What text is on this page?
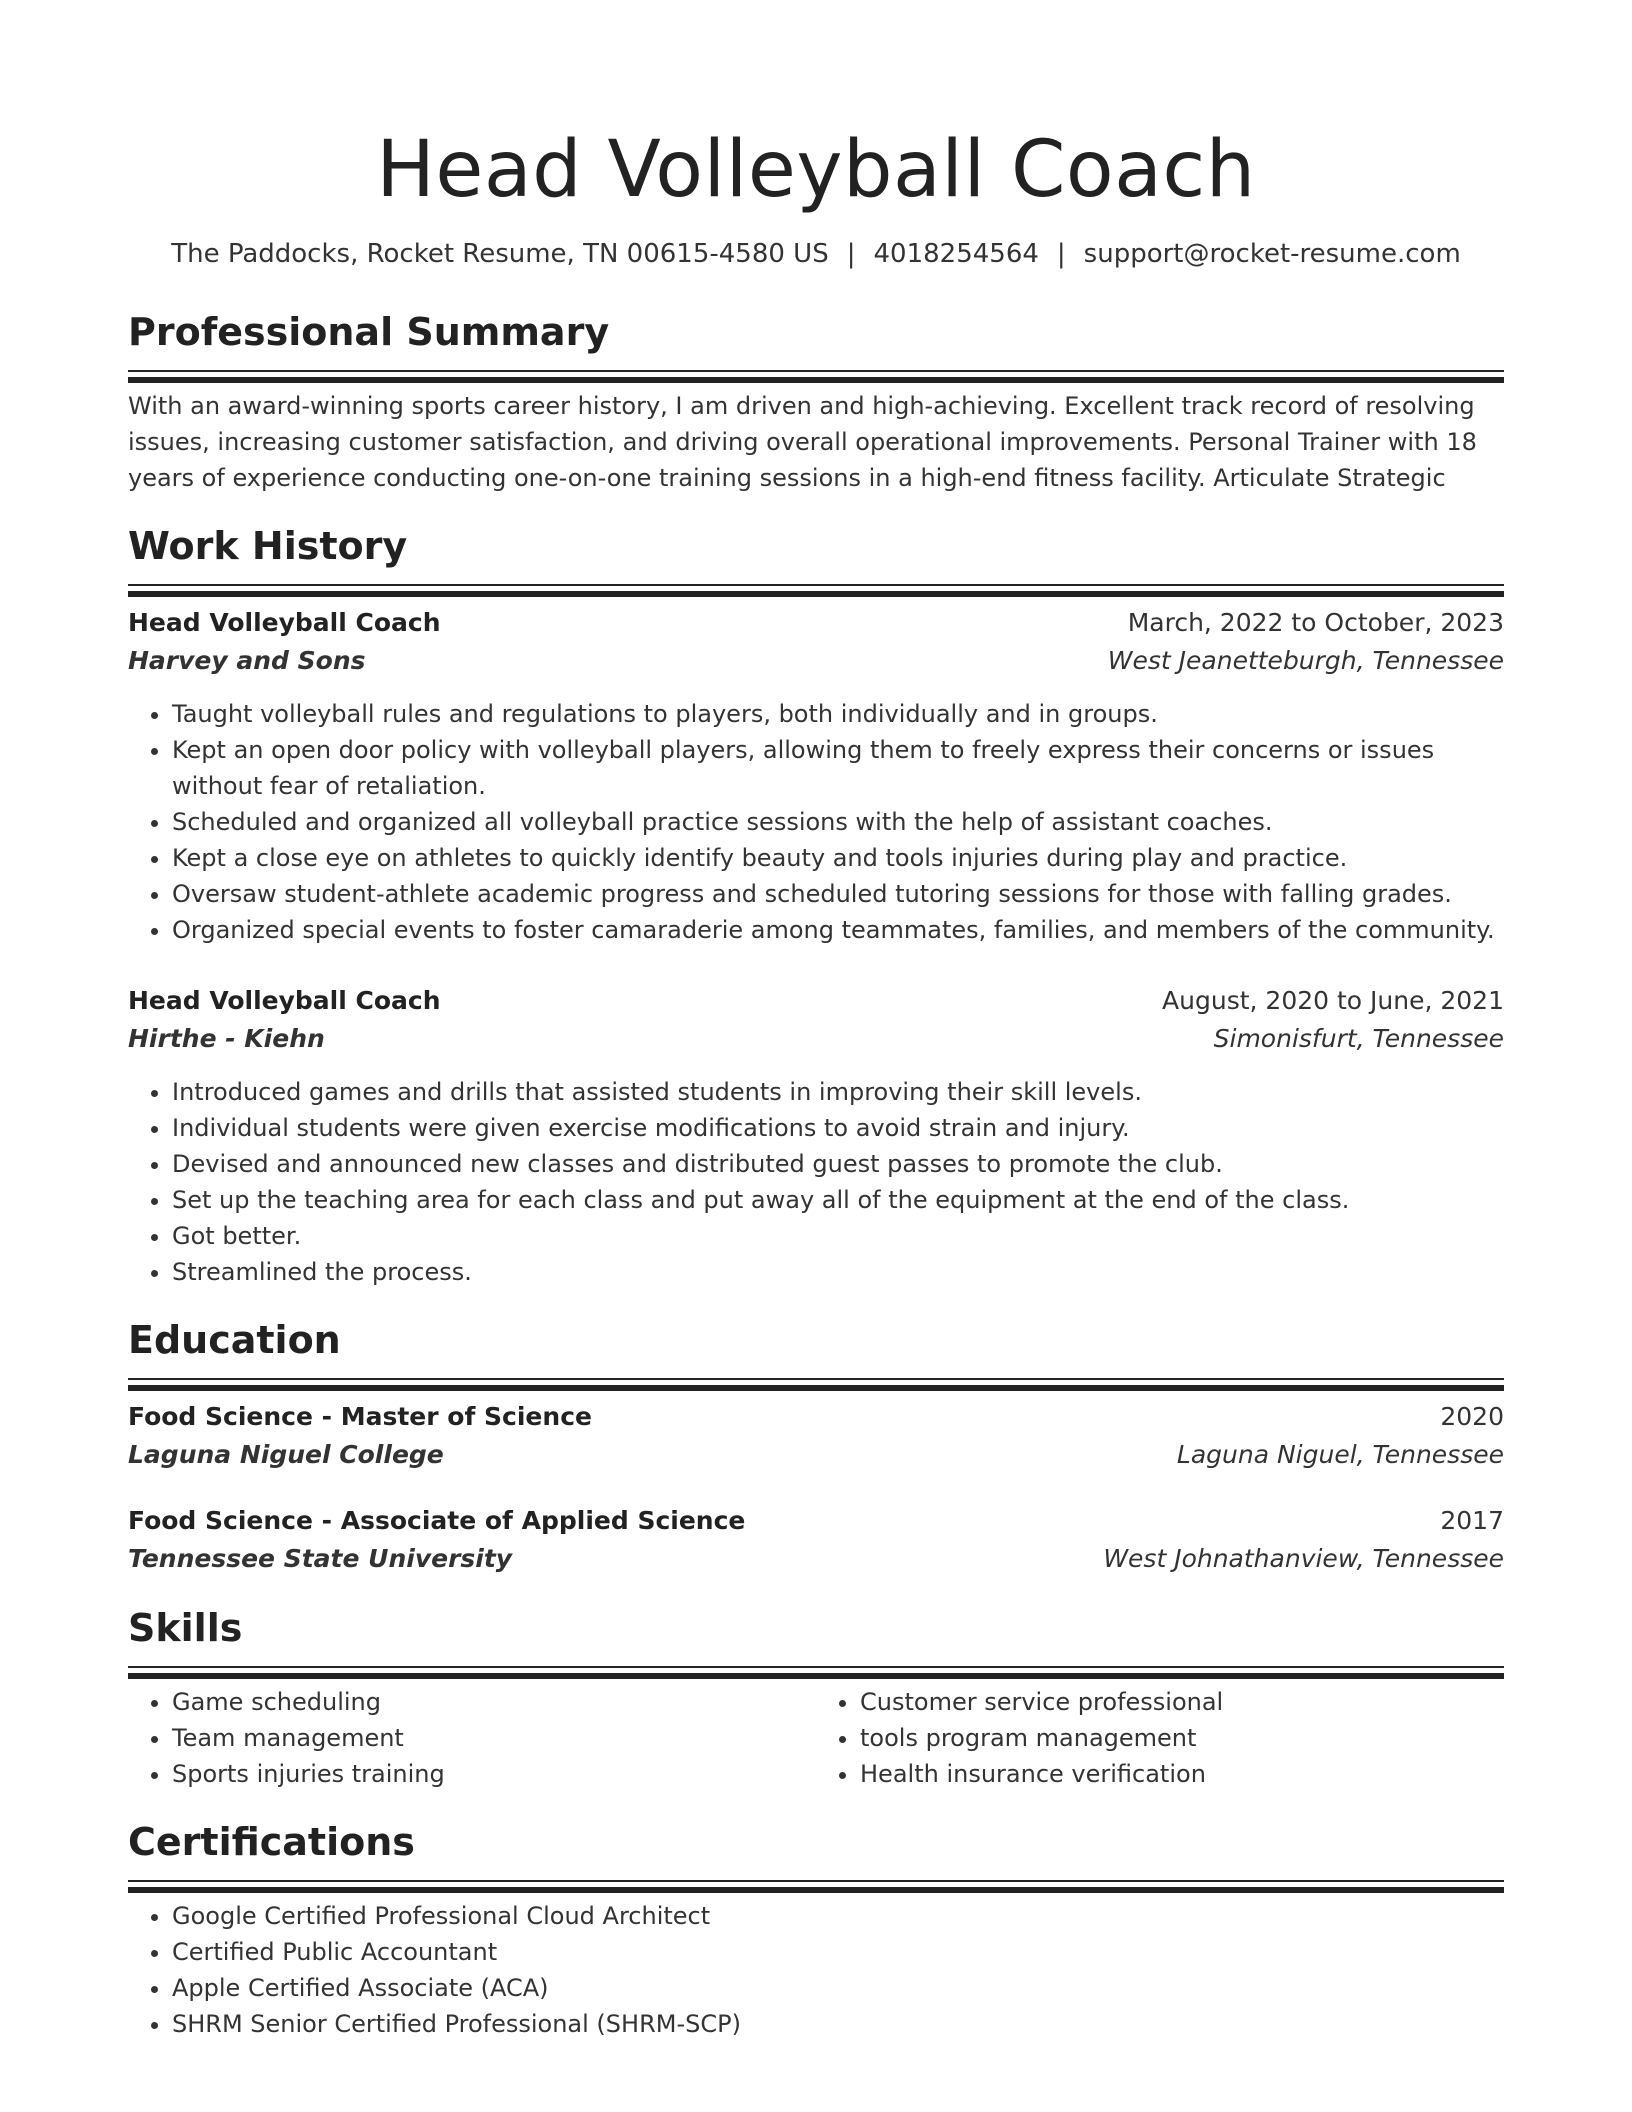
Head Volleyball Coach
The Paddocks, Rocket Resume, TN 00615-4580 US | 4018254564 | support@rocket-resume.com
Professional Summary
With an award-winning sports career history, I am driven and high-achieving. Excellent track record of resolving issues, increasing customer satisfaction, and driving overall operational improvements. Personal Trainer with 18 years of experience conducting one-on-one training sessions in a high-end fitness facility. Articulate Strategic
Work History
Head Volleyball Coach	March, 2022 to October, 2023
Harvey and Sons	West Jeanetteburgh, Tennessee
• Taught volleyball rules and regulations to players, both individually and in groups.
• Kept an open door policy with volleyball players, allowing them to freely express their concerns or issues without fear of retaliation.
• Scheduled and organized all volleyball practice sessions with the help of assistant coaches.
• Kept a close eye on athletes to quickly identify beauty and tools injuries during play and practice.
• Oversaw student-athlete academic progress and scheduled tutoring sessions for those with falling grades.
• Organized special events to foster camaraderie among teammates, families, and members of the community.
Head Volleyball Coach	August, 2020 to June, 2021
Hirthe - Kiehn	Simonisfurt, Tennessee
• Introduced games and drills that assisted students in improving their skill levels.
• Individual students were given exercise modifications to avoid strain and injury.
• Devised and announced new classes and distributed guest passes to promote the club.
• Set up the teaching area for each class and put away all of the equipment at the end of the class.
• Got better.
• Streamlined the process.
Education
Food Science - Master of Science	2020
Laguna Niguel College	Laguna Niguel, Tennessee
Food Science - Associate of Applied Science	2017
Tennessee State University	West Johnathanview, Tennessee
Skills
• Game scheduling
• Team management
• Sports injuries training
• Customer service professional
• tools program management
• Health insurance verification
Certifications
• Google Certified Professional Cloud Architect
• Certified Public Accountant
• Apple Certified Associate (ACA)
• SHRM Senior Certified Professional (SHRM-SCP)
